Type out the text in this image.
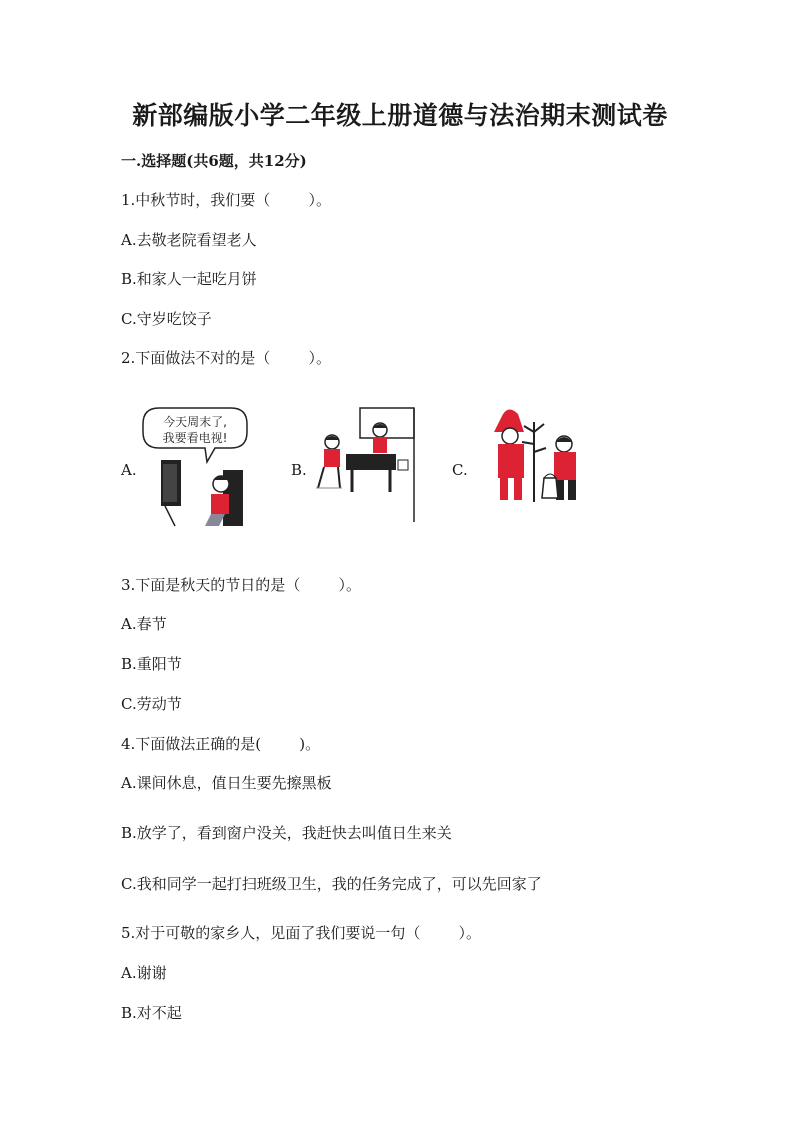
新部编版小学二年级上册道德与法治期末测试卷
一.选择题(共6题，共12分)
1.中秋节时，我们要（        ）。
A.去敬老院看望老人
B.和家人一起吃月饼
C.守岁吃饺子
2.下面做法不对的是（        ）。
A.	B.	C.
今天周末了,
我要看电视!
3.下面是秋天的节日的是（        ）。
A.春节
B.重阳节
C.劳动节
4.下面做法正确的是(        )。
A.课间休息，值日生要先擦黑板
B.放学了，看到窗户没关，我赶快去叫值日生来关
C.我和同学一起打扫班级卫生，我的任务完成了，可以先回家了
5.对于可敬的家乡人，见面了我们要说一句（        ）。
A.谢谢
B.对不起
